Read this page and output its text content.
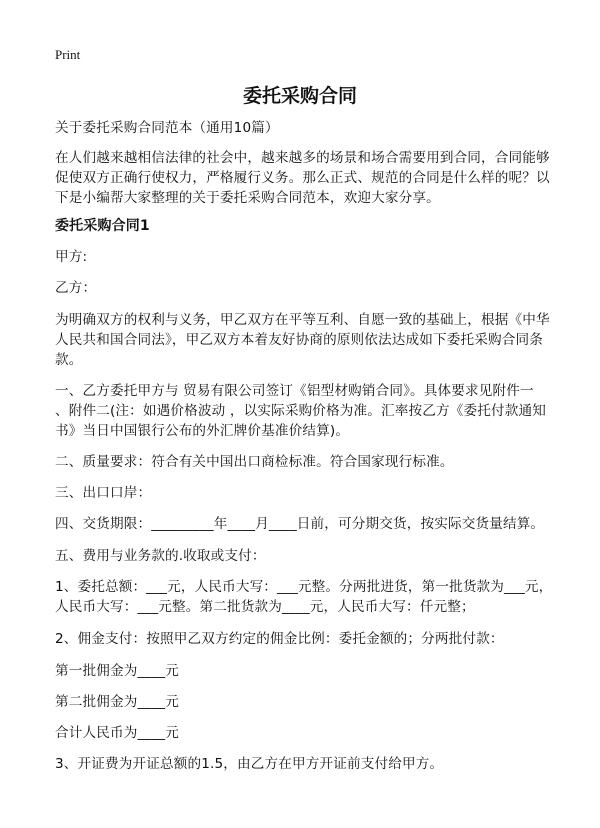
Print
委托采购合同
关于委托采购合同范本（通用10篇）
在人们越来越相信法律的社会中，越来越多的场景和场合需要用到合同，合同能够
促使双方正确行使权力，严格履行义务。那么正式、规范的合同是什么样的呢？以
下是小编帮大家整理的关于委托采购合同范本，欢迎大家分享。
委托采购合同1
甲方:
乙方：
为明确双方的权利与义务，甲乙双方在平等互利、自愿一致的基础上，根据《中华
人民共和国合同法》，甲乙双方本着友好协商的原则依法达成如下委托采购合同条
款。
一、乙方委托甲方与 贸易有限公司签订《铝型材购销合同》。具体要求见附件一
、附件二(注：如遇价格波动 ，以实际采购价格为准。汇率按乙方《委托付款通知
书》当日中国银行公布的外汇牌价基准价结算)。
二、质量要求：符合有关中国出口商检标准。符合国家现行标准。
三、出口口岸：
四、交货期限：_________年____月____日前，可分期交货，按实际交货量结算。
五、费用与业务款的.收取或支付：
1、委托总额：___元，人民币大写：___元整。分两批进货，第一批货款为___元，
人民币大写：___元整。第二批货款为____元，人民币大写：仟元整；
2、佣金支付：按照甲乙双方约定的佣金比例：委托金额的；分两批付款：
第一批佣金为____元
第二批佣金为____元
合计人民币为____元
3、开证费为开证总额的1.5，由乙方在甲方开证前支付给甲方。
